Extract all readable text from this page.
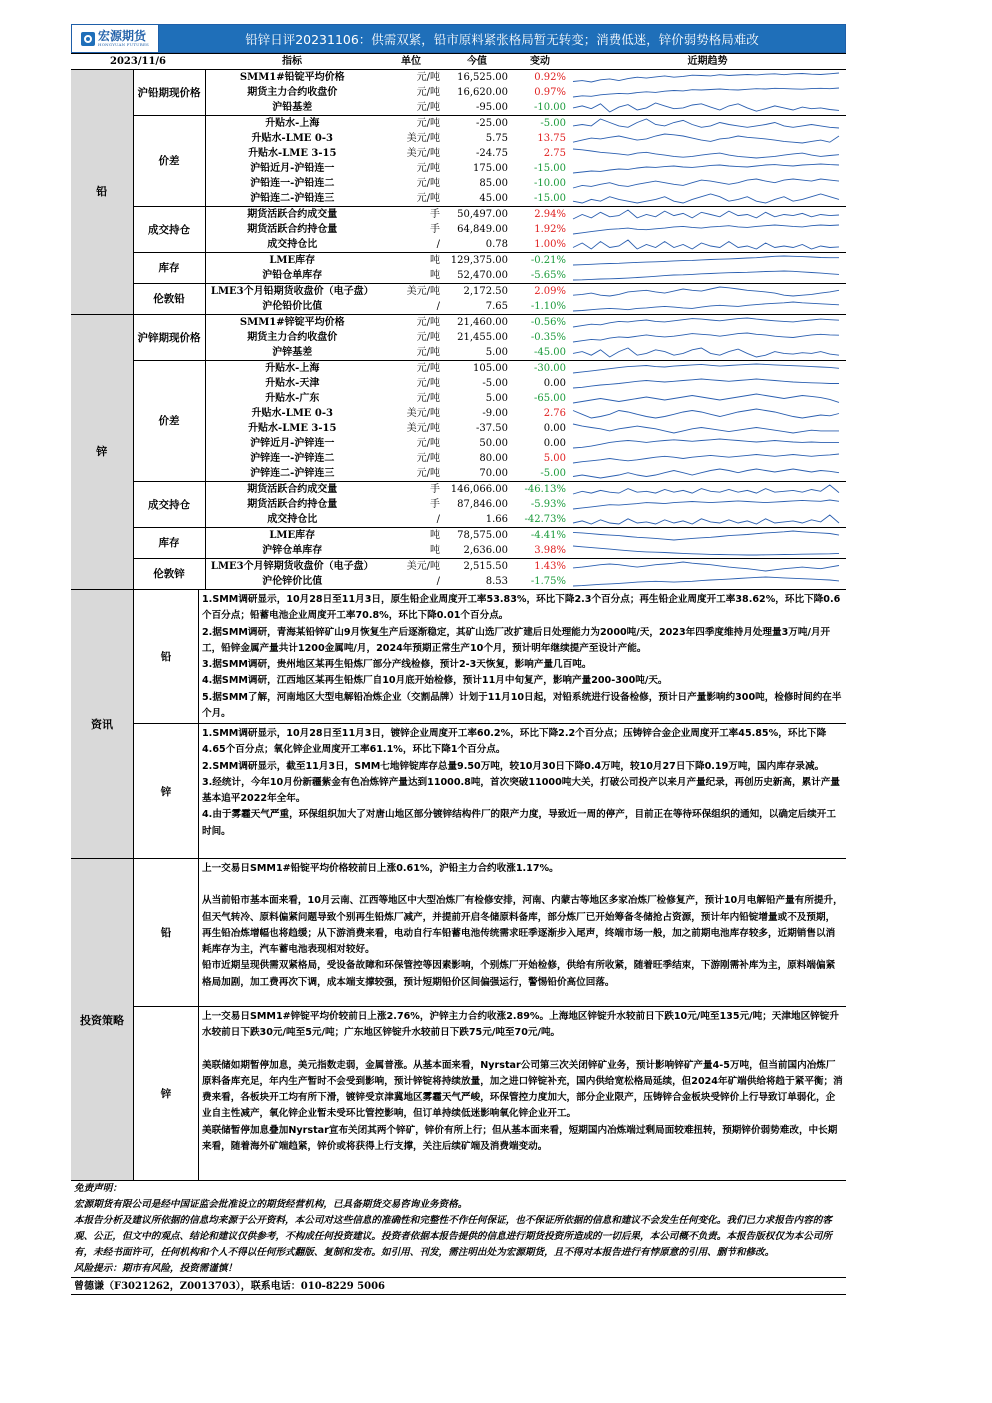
宏源期货
HONGYUAN FUTURES	铅锌日评20231106：供需双紧，铅市原料紧张格局暂无转变；消费低迷，锌价弱势格局难改
2023/11/6		指标	单位	今值	变动	近期趋势
铅	沪铅期现价格	SMM1#铅锭平均价格	元/吨	16,525.00	0.92%	

		期货主力合约收盘价	元/吨	16,620.00	0.97%	

		沪铅基差	元/吨	-95.00	-10.00	

	价差	升贴水-上海	元/吨	-25.00	-5.00	

		升贴水-LME 0-3	美元/吨	5.75	13.75	

		升贴水-LME 3-15	美元/吨	-24.75	2.75	

		沪铅近月-沪铅连一	元/吨	175.00	-15.00	

		沪铅连一-沪铅连二	元/吨	85.00	-10.00	

		沪铅连二-沪铅连三	元/吨	45.00	-15.00	

	成交持仓	期货活跃合约成交量	手	50,497.00	2.94%	

		期货活跃合约持仓量	手	64,849.00	1.92%	

		成交持仓比	/	0.78	1.00%	

	库存	LME库存	吨	129,375.00	-0.21%	

		沪铅仓单库存	吨	52,470.00	-5.65%	

	伦敦铅	LME3个月铅期货收盘价（电子盘）	美元/吨	2,172.50	2.09%	

		沪伦铅价比值	/	7.65	-1.10%	

锌	沪锌期现价格	SMM1#锌锭平均价格	元/吨	21,460.00	-0.56%	

		期货主力合约收盘价	元/吨	21,455.00	-0.35%	

		沪锌基差	元/吨	5.00	-45.00	

	价差	升贴水-上海	元/吨	105.00	-30.00	

		升贴水-天津	元/吨	-5.00	0.00	

		升贴水-广东	元/吨	5.00	-65.00	

		升贴水-LME 0-3	美元/吨	-9.00	2.76	

		升贴水-LME 3-15	美元/吨	-37.50	0.00	

		沪锌近月-沪锌连一	元/吨	50.00	0.00	

		沪锌连一-沪锌连二	元/吨	80.00	5.00	

		沪锌连二-沪锌连三	元/吨	70.00	-5.00	

	成交持仓	期货活跃合约成交量	手	146,066.00	-46.13%	

		期货活跃合约持仓量	手	87,846.00	-5.93%	

		成交持仓比	/	1.66	-42.73%	

	库存	LME库存	吨	78,575.00	-4.41%	

		沪锌仓单库存	吨	2,636.00	3.98%	

	伦敦锌	LME3个月锌期货收盘价（电子盘）	美元/吨	2,515.50	1.43%	

		沪伦锌价比值	/	8.53	-1.75%	
资讯
铅

1.SMM调研显示，10月28日至11月3日，原生铅企业周度开工率53.83%，环比下降2.3个百分点；再生铅企业周度开工率38.62%，环比下降0.6个百分点；铅蓄电池企业周度开工率70.8%，环比下降0.01个百分点。

2.据SMM调研，青海某铅锌矿山9月恢复生产后逐渐稳定，其矿山选厂改扩建后日处理能力为2000吨/天，2023年四季度维持月处理量3万吨/月开工，铅锌金属产量共计1200金属吨/月，2024年预期正常生产10个月，预计明年继续提产至设计产能。

3.据SMM调研，贵州地区某再生铅炼厂部分产线检修，预计2-3天恢复，影响产量几百吨。

4.据SMM调研，江西地区某再生铅炼厂自10月底开始检修，预计11月中旬复产，影响产量200-300吨/天。

5.据SMM了解，河南地区大型电解铅冶炼企业（交割品牌）计划于11月10日起，对铅系统进行设备检修，预计日产量影响约300吨，检修时间约在半个月。

锌

1.SMM调研显示，10月28日至11月3日，镀锌企业周度开工率60.2%，环比下降2.2个百分点；压铸锌合金企业周度开工率45.85%，环比下降4.65个百分点；氧化锌企业周度开工率61.1%，环比下降1个百分点。

2.SMM调研显示，截至11月3日，SMM七地锌锭库存总量9.50万吨，较10月30日下降0.4万吨，较10月27日下降0.19万吨，国内库存录减。

3.经统计，今年10月份新疆紫金有色冶炼锌产量达到11000.8吨，首次突破11000吨大关，打破公司投产以来月产量纪录，再创历史新高，累计产量基本追平2022年全年。

4.由于雾霾天气严重，环保组织加大了对唐山地区部分镀锌结构件厂的限产力度，导致近一周的停产，目前正在等待环保组织的通知，以确定后续开工时间。

投资策略
铅

上一交易日SMM1#铅锭平均价格较前日上涨0.61%，沪铅主力合约收涨1.17%。

从当前铅市基本面来看，10月云南、江西等地区中大型冶炼厂有检修安排，河南、内蒙古等地区多家冶炼厂检修复产，预计10月电解铅产量有所提升，但天气转冷、原料偏紧问题导致个别再生铅炼厂减产，并提前开启冬储原料备库，部分炼厂已开始筹备冬储抢占资源，预计年内铅锭增量或不及预期，再生铅冶炼增幅也将趋缓；从下游消费来看，电动自行车铅蓄电池传统需求旺季逐渐步入尾声，终端市场一般，加之前期电池库存较多，近期销售以消耗库存为主，汽车蓄电池表现相对较好。

铅市近期呈现供需双紧格局，受设备故障和环保管控等因素影响，个别炼厂开始检修，供给有所收紧，随着旺季结束，下游刚需补库为主，原料端偏紧格局加剧，加工费再次下调，成本端支撑较强，预计短期铅价区间偏强运行，警惕铅价高位回落。

锌

上一交易日SMM1#锌锭平均价较前日上涨2.76%，沪锌主力合约收涨2.89%。上海地区锌锭升水较前日下跌10元/吨至135元/吨；天津地区锌锭升水较前日下跌30元/吨至5元/吨；广东地区锌锭升水较前日下跌75元/吨至70元/吨。

美联储如期暂停加息，美元指数走弱，金属普涨。从基本面来看，Nyrstar公司第三次关闭锌矿业务，预计影响锌矿产量4-5万吨，但当前国内冶炼厂原料备库充足，年内生产暂时不会受到影响，预计锌锭将持续放量，加之进口锌锭补充，国内供给宽松格局延续，但2024年矿端供给将趋于紧平衡；消费来看，各板块开工均有所下滑，镀锌受京津冀地区雾霾天气严峻，环保管控力度加大，部分企业限产，压铸锌合金板块受锌价上行导致订单弱化，企业自主性减产，氧化锌企业暂未受环比管控影响，但订单持续低迷影响氧化锌企业开工。

美联储暂停加息叠加Nyrstar宣布关闭其两个锌矿，锌价有所上行；但从基本面来看，短期国内冶炼端过剩局面较难扭转，预期锌价弱势难改，中长期来看，随着海外矿端趋紧，锌价或将获得上行支撑，关注后续矿端及消费端变动。

免责声明：

宏源期货有限公司是经中国证监会批准设立的期货经营机构，已具备期货交易咨询业务资格。

本报告分析及建议所依据的信息均来源于公开资料，本公司对这些信息的准确性和完整性不作任何保证，也不保证所依据的信息和建议不会发生任何变化。我们已力求报告内容的客观、公正，但文中的观点、结论和建议仅供参考，不构成任何投资建议。投资者依据本报告提供的信息进行期货投资所造成的一切后果，本公司概不负责。本报告版权仅为本公司所有，未经书面许可，任何机构和个人不得以任何形式翻版、复制和发布。如引用、刊发，需注明出处为宏源期货，且不得对本报告进行有悖原意的引用、删节和修改。

风险提示：期市有风险，投资需谨慎！

曾德谦（F3021262，Z0013703），联系电话：010-8229 5006
